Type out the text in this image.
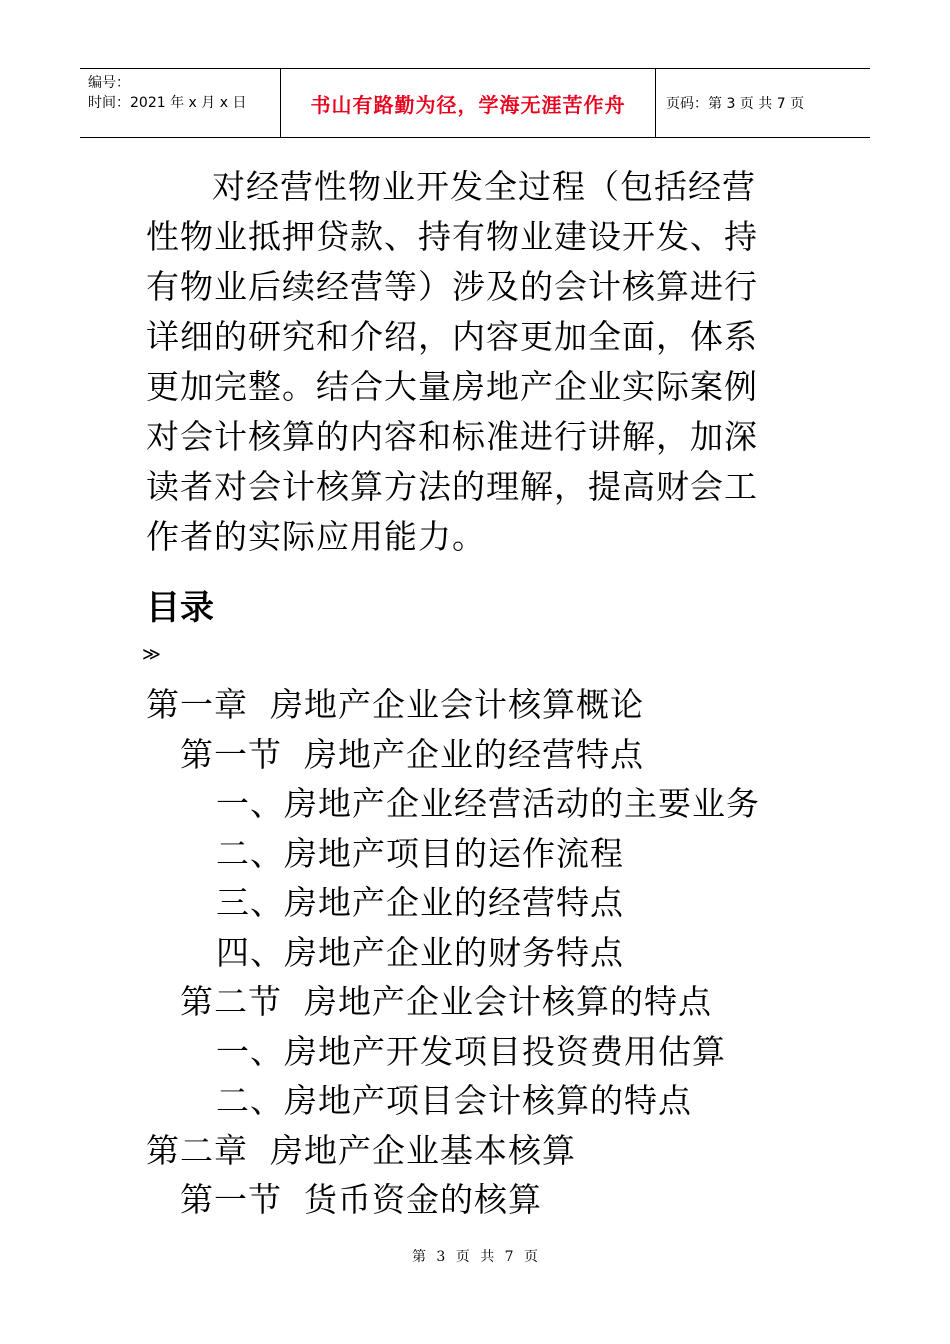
编号：
时间：2021 年 x 月 x 日	书山有路勤为径，学海无涯苦作舟	页码：第 3 页 共 7 页

对经营性物业开发全过程（包括经营性物业抵押贷款、持有物业建设开发、持有物业后续经营等）涉及的会计核算进行详细的研究和介绍，内容更加全面，体系更加完整。结合大量房地产企业实际案例对会计核算的内容和标准进行讲解，加深读者对会计核算方法的理解，提高财会工作者的实际应用能力。

目录
≫
第一章 房地产企业会计核算概论
第一节 房地产企业的经营特点
一、房地产企业经营活动的主要业务
二、房地产项目的运作流程
三、房地产企业的经营特点
四、房地产企业的财务特点
第二节 房地产企业会计核算的特点
一、房地产开发项目投资费用估算
二、房地产项目会计核算的特点
第二章 房地产企业基本核算
第一节 货币资金的核算
第 3 页 共 7 页
